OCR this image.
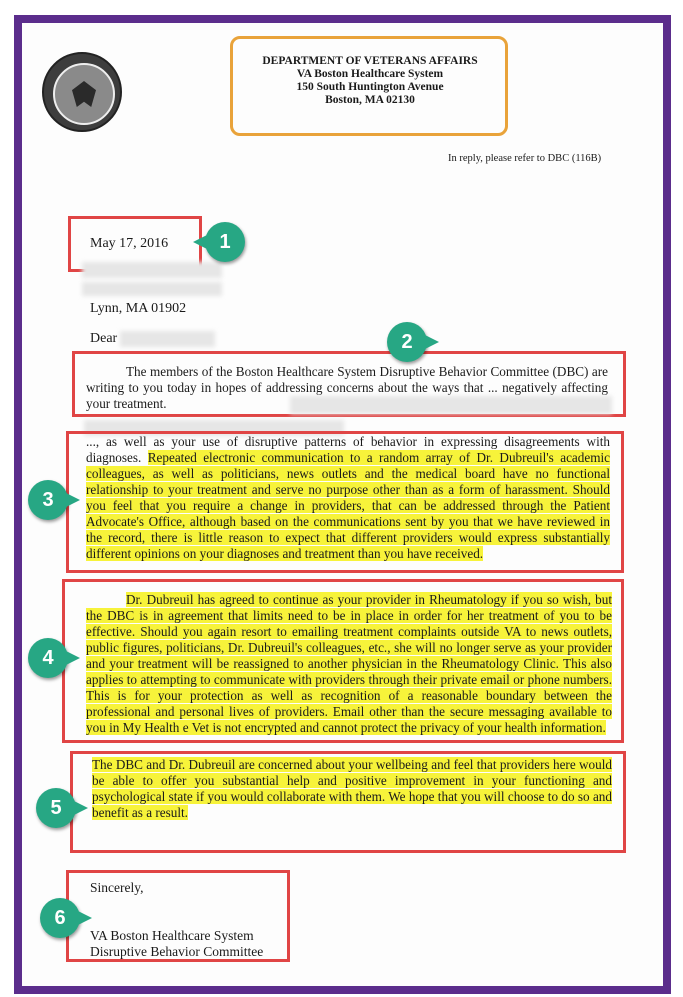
DEPARTMENT OF VETERANS AFFAIRS
VA Boston Healthcare System
150 South Huntington Avenue
Boston, MA 02130
In reply, please refer to DBC (116B)
May 17, 2016
Lynn, MA 01902
Dear
The members of the Boston Healthcare System Disruptive Behavior Committee (DBC) are writing to you today in hopes of addressing concerns about the ways that ... negatively affecting your treatment.
..., as well as your use of disruptive patterns of behavior in expressing disagreements with diagnoses. Repeated electronic communication to a random array of Dr. Dubreuil's academic colleagues, as well as politicians, news outlets and the medical board have no functional relationship to your treatment and serve no purpose other than as a form of harassment. Should you feel that you require a change in providers, that can be addressed through the Patient Advocate's Office, although based on the communications sent by you that we have reviewed in the record, there is little reason to expect that different providers would express substantially different opinions on your diagnoses and treatment than you have received.
Dr. Dubreuil has agreed to continue as your provider in Rheumatology if you so wish, but the DBC is in agreement that limits need to be in place in order for her treatment of you to be effective. Should you again resort to emailing treatment complaints outside VA to news outlets, public figures, politicians, Dr. Dubreuil's colleagues, etc., she will no longer serve as your provider and your treatment will be reassigned to another physician in the Rheumatology Clinic. This also applies to attempting to communicate with providers through their private email or phone numbers. This is for your protection as well as recognition of a reasonable boundary between the professional and personal lives of providers. Email other than the secure messaging available to you in My Health e Vet is not encrypted and cannot protect the privacy of your health information.
The DBC and Dr. Dubreuil are concerned about your wellbeing and feel that providers here would be able to offer you substantial help and positive improvement in your functioning and psychological state if you would collaborate with them. We hope that you will choose to do so and benefit as a result.
Sincerely,
VA Boston Healthcare System
Disruptive Behavior Committee
1
2
3
4
5
6
